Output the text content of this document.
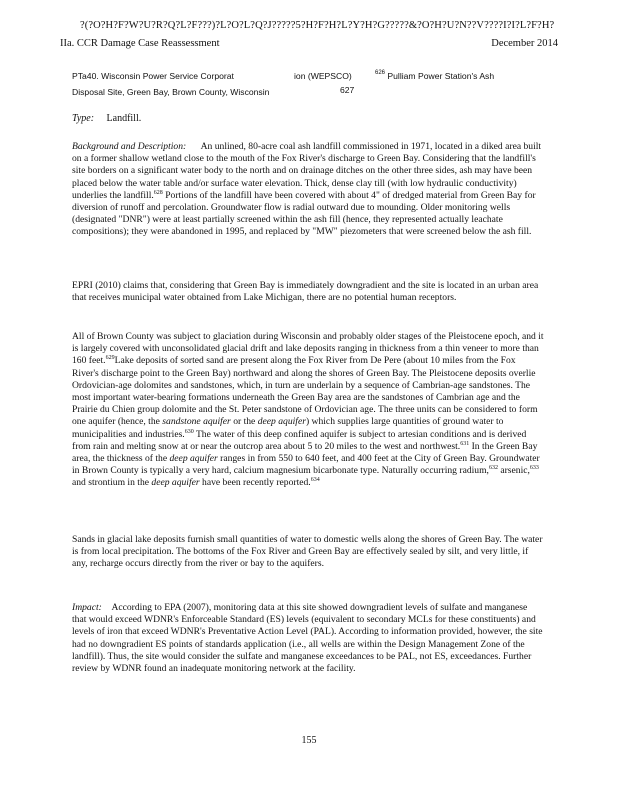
?(?O?H?F?W?U?R?Q?L?F???)?L?O?L?Q?J?????5?H?F?H?L?Y?H?G?????&?O?H?U?N??V????I?I?L?F?H?
IIa. CCR Damage Case Reassessment	December 2014
PTa40. Wisconsin Power Service Corporat	ion (WEPSCO)	$^{626}$ Pulliam Power Station's Ash
Disposal Site, Green Bay, Brown County, Wisconsin	627
Type: Landfill.
Background and Description: An unlined, 80-acre coal ash landfill commissioned in 1971, located in a diked area built on a former shallow wetland close to the mouth of the Fox River's discharge to Green Bay. Considering that the landfill's site borders on a significant water body to the north and on drainage ditches on the other three sides, ash may have been placed below the water table and/or surface water elevation. Thick, dense clay till (with low hydraulic conductivity) underlies the landfill.$^{628}$ Portions of the landfill have been covered with about 4" of dredged material from Green Bay for diversion of runoff and percolation. Groundwater flow is radial outward due to mounding. Older monitoring wells (designated "DNR") were at least partially screened within the ash fill (hence, they represented actually leachate compositions); they were abandoned in 1995, and replaced by "MW" piezometers that were screened below the ash fill.
EPRI (2010) claims that, considering that Green Bay is immediately downgradient and the site is located in an urban area that receives municipal water obtained from Lake Michigan, there are no potential human receptors.
All of Brown County was subject to glaciation during Wisconsin and probably older stages of the Pleistocene epoch, and it is largely covered with unconsolidated glacial drift and lake deposits ranging in thickness from a thin veneer to more than 160 feet.$^{629}$Lake deposits of sorted sand are present along the Fox River from De Pere (about 10 miles from the Fox River's discharge point to the Green Bay) northward and along the shores of Green Bay. The Pleistocene deposits overlie Ordovician-age dolomites and sandstones, which, in turn are underlain by a sequence of Cambrian-age sandstones. The most important water-bearing formations underneath the Green Bay area are the sandstones of Cambrian age and the Prairie du Chien group dolomite and the St. Peter sandstone of Ordovician age. The three units can be considered to form one aquifer (hence, the sandstone aquifer or the deep aquifer) which supplies large quantities of ground water to municipalities and industries.$^{630}$ The water of this deep confined aquifer is subject to artesian conditions and is derived from rain and melting snow at or near the outcrop area about 5 to 20 miles to the west and northwest.$^{631}$ In the Green Bay area, the thickness of the deep aquifer ranges in from 550 to 640 feet, and 400 feet at the City of Green Bay. Groundwater in Brown County is typically a very hard, calcium magnesium bicarbonate type. Naturally occurring radium,$^{632}$ arsenic,$^{633}$ and strontium in the deep aquifer have been recently reported.$^{634}$
Sands in glacial lake deposits furnish small quantities of water to domestic wells along the shores of Green Bay. The water is from local precipitation. The bottoms of the Fox River and Green Bay are effectively sealed by silt, and very little, if any, recharge occurs directly from the river or bay to the aquifers.
Impact: According to EPA (2007), monitoring data at this site showed downgradient levels of sulfate and manganese that would exceed WDNR's Enforceable Standard (ES) levels (equivalent to secondary MCLs for these constituents) and levels of iron that exceed WDNR's Preventative Action Level (PAL). According to information provided, however, the site had no downgradient ES points of standards application (i.e., all wells are within the Design Management Zone of the landfill). Thus, the site would consider the sulfate and manganese exceedances to be PAL, not ES, exceedances. Further review by WDNR found an inadequate monitoring network at the facility.
155
